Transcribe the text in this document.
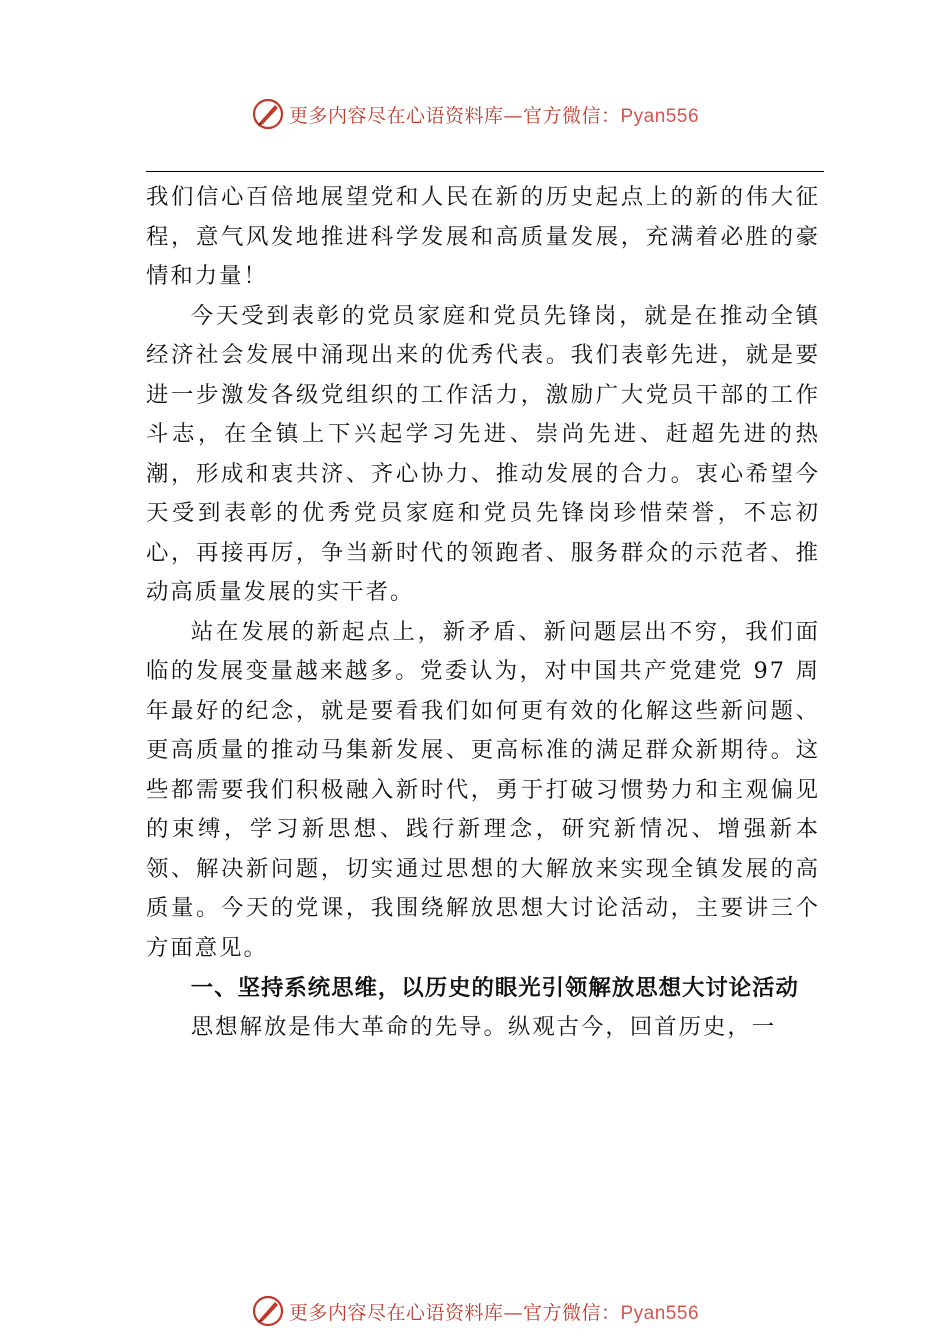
更多内容尽在心语资料库—官方微信：Pyan556

我们信心百倍地展望党和人民在新的历史起点上的新的伟大征程，意气风发地推进科学发展和高质量发展，充满着必胜的豪情和力量！

今天受到表彰的党员家庭和党员先锋岗，就是在推动全镇经济社会发展中涌现出来的优秀代表。我们表彰先进，就是要进一步激发各级党组织的工作活力，激励广大党员干部的工作斗志，在全镇上下兴起学习先进、崇尚先进、赶超先进的热潮，形成和衷共济、齐心协力、推动发展的合力。衷心希望今天受到表彰的优秀党员家庭和党员先锋岗珍惜荣誉，不忘初心，再接再厉，争当新时代的领跑者、服务群众的示范者、推动高质量发展的实干者。

站在发展的新起点上，新矛盾、新问题层出不穷，我们面临的发展变量越来越多。党委认为，对中国共产党建党 97 周年最好的纪念，就是要看我们如何更有效的化解这些新问题、更高质量的推动马集新发展、更高标准的满足群众新期待。这些都需要我们积极融入新时代，勇于打破习惯势力和主观偏见的束缚，学习新思想、践行新理念，研究新情况、增强新本领、解决新问题，切实通过思想的大解放来实现全镇发展的高质量。今天的党课，我围绕解放思想大讨论活动，主要讲三个方面意见。

一、坚持系统思维，以历史的眼光引领解放思想大讨论活动

思想解放是伟大革命的先导。纵观古今，回首历史，一

更多内容尽在心语资料库—官方微信：Pyan556
